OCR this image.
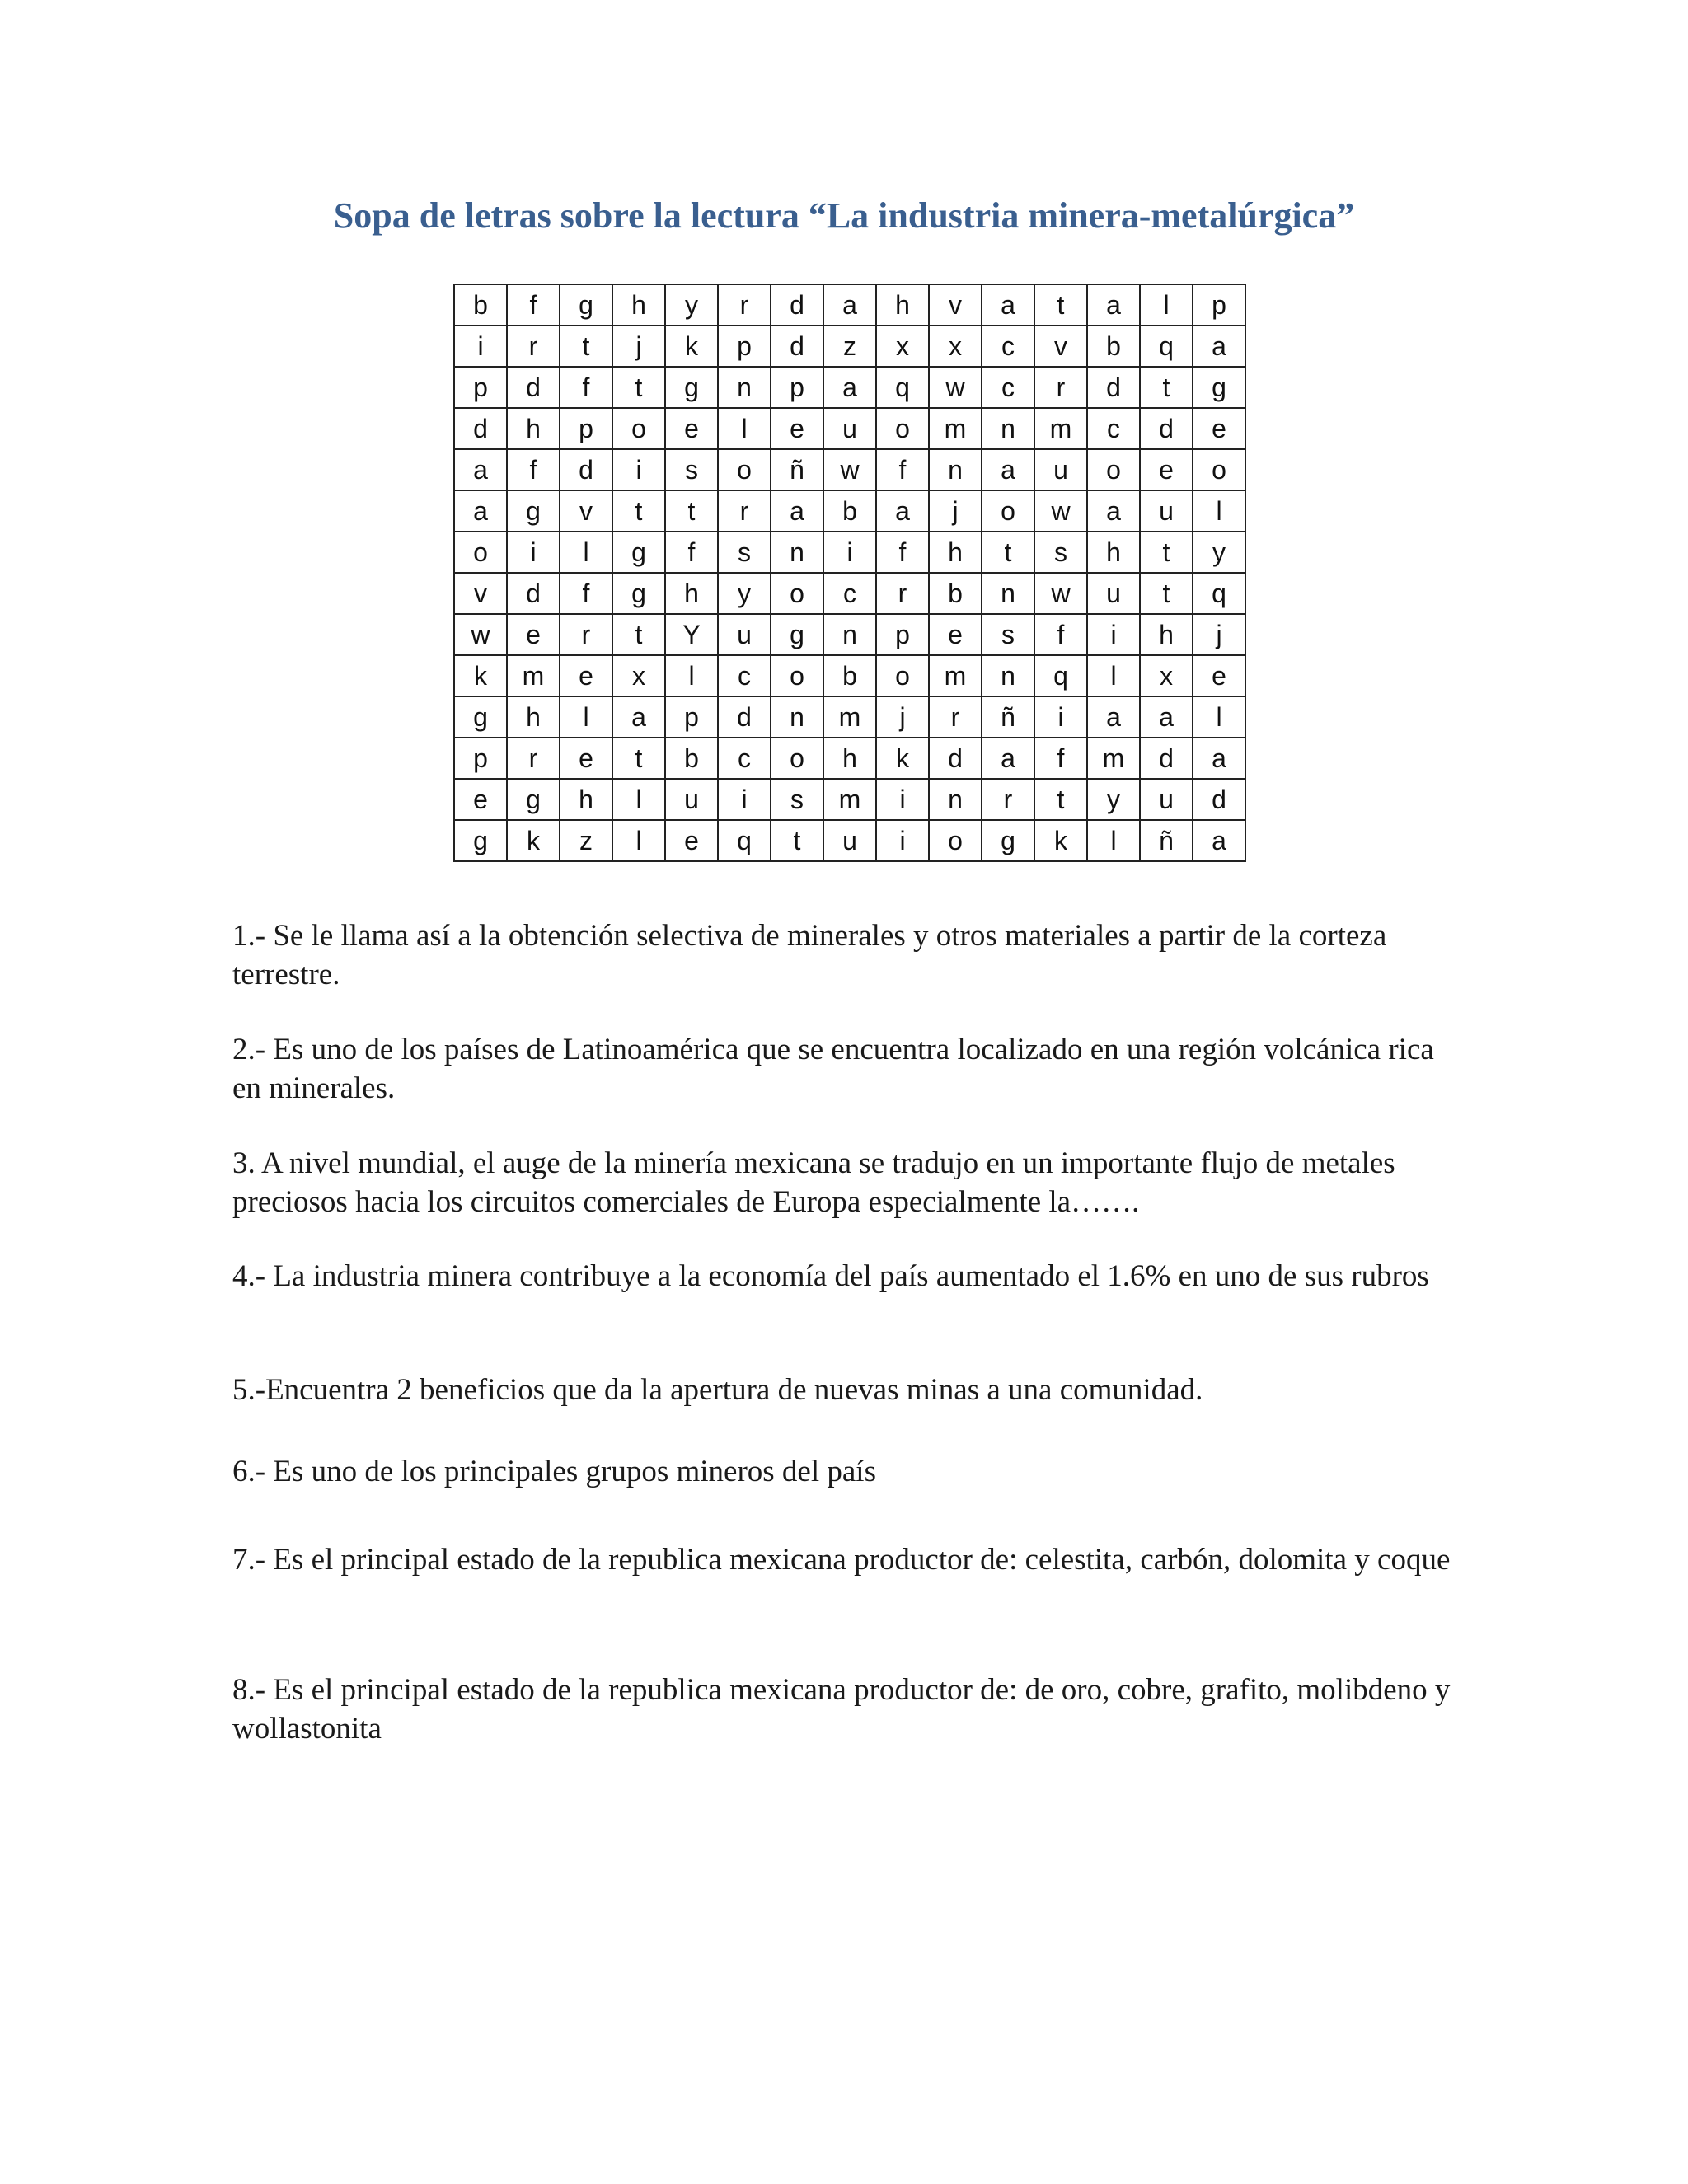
Sopa de letras sobre la lectura “La industria minera-metalúrgica”
b	f	g	h	y	r	d	a	h	v	a	t	a	l	p
i	r	t	j	k	p	d	z	x	x	c	v	b	q	a
p	d	f	t	g	n	p	a	q	w	c	r	d	t	g
d	h	p	o	e	l	e	u	o	m	n	m	c	d	e
a	f	d	i	s	o	ñ	w	f	n	a	u	o	e	o
a	g	v	t	t	r	a	b	a	j	o	w	a	u	l
o	i	l	g	f	s	n	i	f	h	t	s	h	t	y
v	d	f	g	h	y	o	c	r	b	n	w	u	t	q
w	e	r	t	Y	u	g	n	p	e	s	f	i	h	j
k	m	e	x	l	c	o	b	o	m	n	q	l	x	e
g	h	l	a	p	d	n	m	j	r	ñ	i	a	a	l
p	r	e	t	b	c	o	h	k	d	a	f	m	d	a
e	g	h	l	u	i	s	m	i	n	r	t	y	u	d
g	k	z	l	e	q	t	u	i	o	g	k	l	ñ	a

1.- Se le llama así a la obtención selectiva de minerales y otros materiales a partir de la corteza terrestre.

2.- Es uno de los países de Latinoamérica que se encuentra localizado en una región volcánica rica en minerales.

3. A nivel mundial, el auge de la minería mexicana se tradujo en un importante flujo de metales preciosos hacia los circuitos comerciales de Europa especialmente la…….

4.- La industria minera contribuye a la economía del país aumentado el 1.6% en uno de sus rubros

5.-Encuentra 2 beneficios que da la apertura de nuevas minas a una comunidad.

6.- Es uno de los principales grupos mineros del país

7.- Es el principal estado de la republica mexicana productor de: celestita, carbón, dolomita y coque

8.- Es el principal estado de la republica mexicana productor de: de oro, cobre, grafito, molibdeno y wollastonita
